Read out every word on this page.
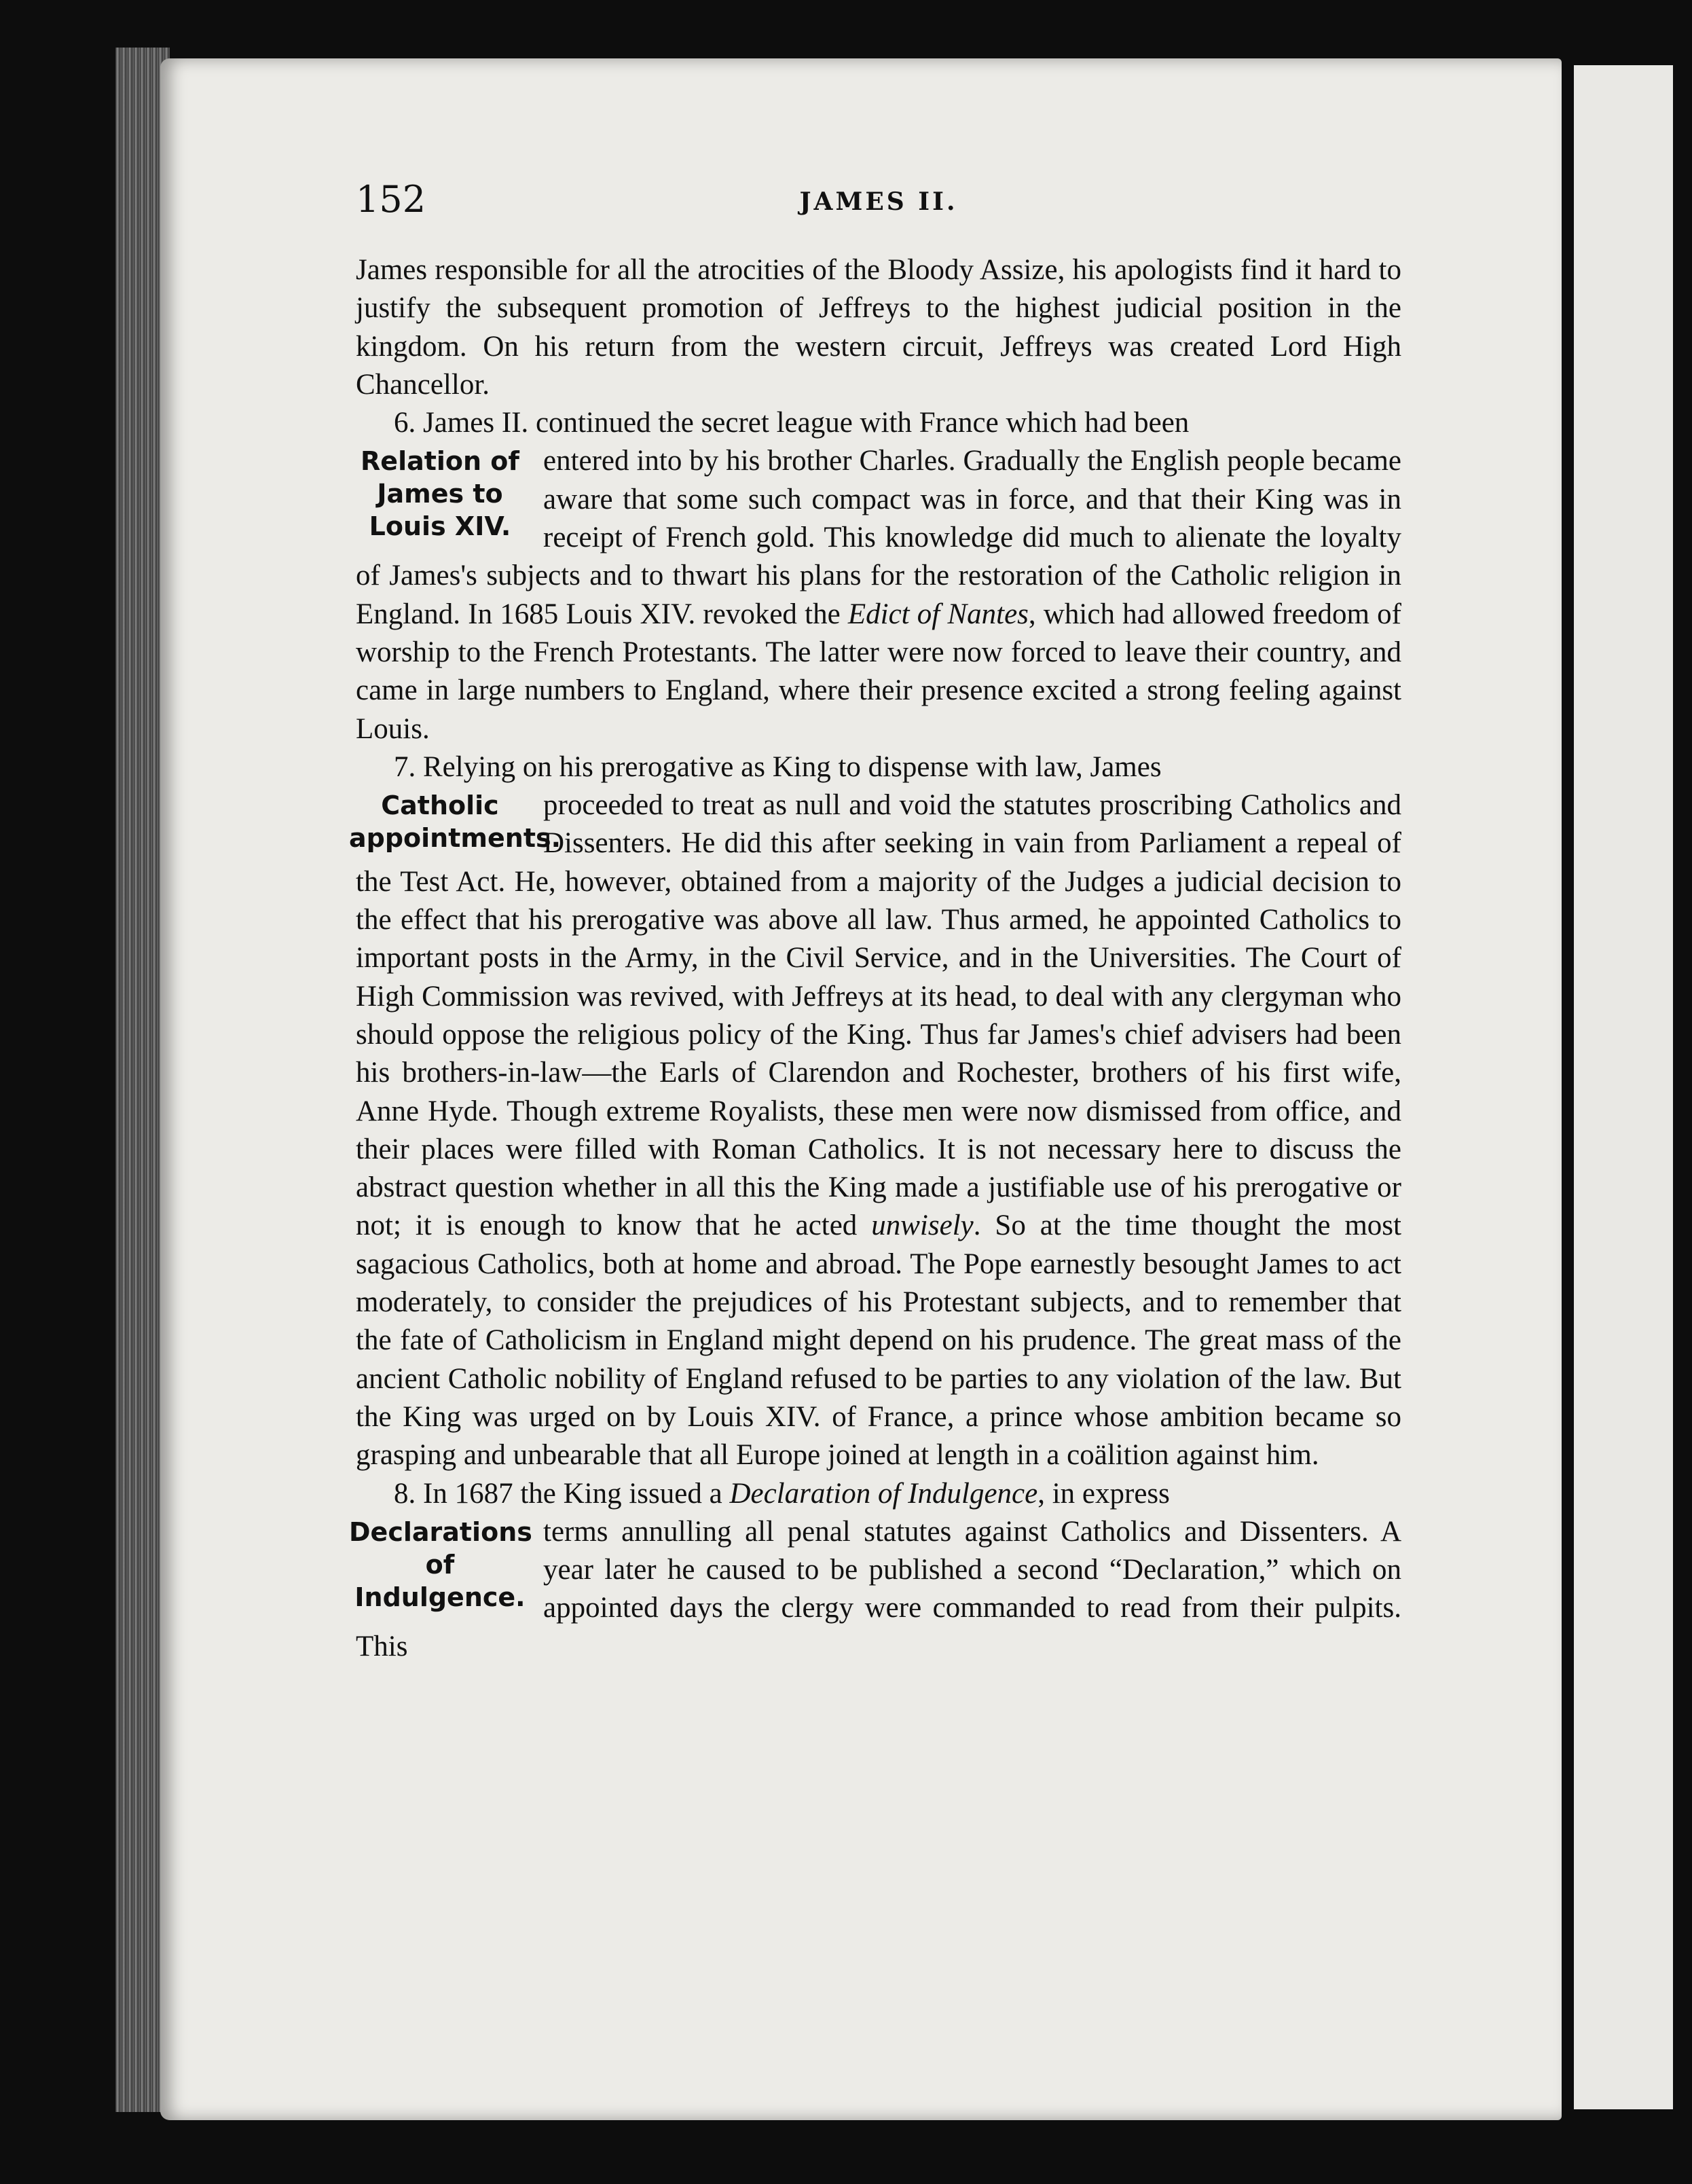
152	JAMES II.

James responsible for all the atrocities of the Bloody Assize, his apologists find it hard to justify the subsequent promotion of Jeffreys to the highest judicial position in the kingdom. On his return from the western circuit, Jeffreys was created Lord High Chancellor.

6. James II. continued the secret league with France which had been

Relation of James to Louis XIV.
entered into by his brother Charles. Gradually the English people became aware that some such compact was in force, and that their King was in receipt of French gold. This knowledge did much to alienate the loyalty of James's subjects and to thwart his plans for the restoration of the Catholic religion in England. In 1685 Louis XIV. revoked the Edict of Nantes, which had allowed freedom of worship to the French Protestants. The latter were now forced to leave their country, and came in large numbers to England, where their presence excited a strong feeling against Louis.

7. Relying on his prerogative as King to dispense with law, James

Catholic appointments.
proceeded to treat as null and void the statutes proscribing Catholics and Dissenters. He did this after seeking in vain from Parliament a repeal of the Test Act. He, however, obtained from a majority of the Judges a judicial decision to the effect that his prerogative was above all law. Thus armed, he appointed Catholics to important posts in the Army, in the Civil Service, and in the Universities. The Court of High Commission was revived, with Jeffreys at its head, to deal with any clergyman who should oppose the religious policy of the King. Thus far James's chief advisers had been his brothers-in-law—the Earls of Clarendon and Rochester, brothers of his first wife, Anne Hyde. Though extreme Royalists, these men were now dismissed from office, and their places were filled with Roman Catholics. It is not necessary here to discuss the abstract question whether in all this the King made a justifiable use of his prerogative or not; it is enough to know that he acted unwisely. So at the time thought the most sagacious Catholics, both at home and abroad. The Pope earnestly besought James to act moderately, to consider the prejudices of his Protestant subjects, and to remember that the fate of Catholicism in England might depend on his prudence. The great mass of the ancient Catholic nobility of England refused to be parties to any violation of the law. But the King was urged on by Louis XIV. of France, a prince whose ambition became so grasping and unbearable that all Europe joined at length in a coälition against him.

8. In 1687 the King issued a Declaration of Indulgence, in express

Declarations of Indulgence.
terms annulling all penal statutes against Catholics and Dissenters. A year later he caused to be published a second “Declaration,” which on appointed days the clergy were commanded to read from their pulpits. This
